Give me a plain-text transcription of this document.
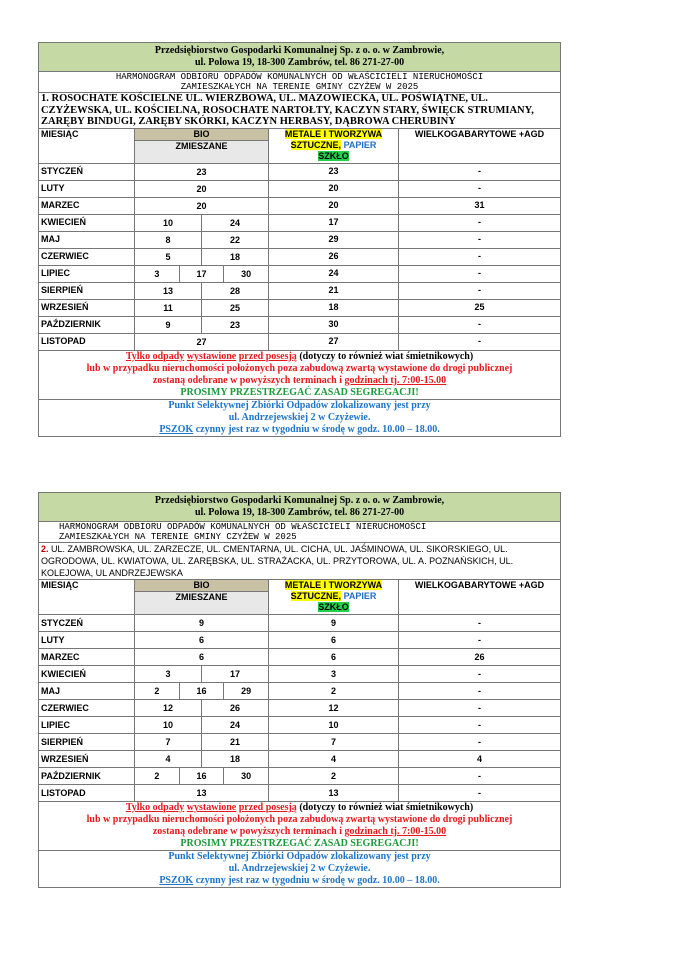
Przedsiębiorstwo Gospodarki Komunalnej Sp. z o. o. w Zambrowie,
ul. Polowa 19, 18-300 Zambrów, tel. 86 271-27-00			

HARMONOGRAM ODBIORU ODPADÓW KOMUNALNYCH OD WŁAŚCICIELI NIERUCHOMOŚCI
ZAMIESZKAŁYCH NA TERENIE GMINY CZYŻEW W 2025			

1. ROSOCHATE KOŚCIELNE UL. WIERZBOWA, UL. MAZOWIECKA, UL. POŚWIĄTNE, UL. CZYŻEWSKA, UL. KOŚCIELNA, ROSOCHATE NARTOŁTY, KACZYN STARY, ŚWIĘCK STRUMIANY, ZARĘBY BINDUGI, ZARĘBY SKÓRKI, KACZYN HERBASY, DĄBROWA CHERUBINY			
MIESIĄC	BIO	METALE I TWORZYWA
SZTUCZNE, PAPIER
SZKŁO	WIELKOGABARYTOWE +AGD
	ZMIESZANE		
STYCZEŃ	23	23	-
LUTY	20	20	-
MARZEC	20	20	31
KWIECIEŃ	10 24	17	-
MAJ	8 22	29	-
CZERWIEC	5 18	26	-
LIPIEC	3 17 30	24	-
SIERPIEŃ	13 28	21	-
WRZESIEŃ	11 25	18	25
PAŹDZIERNIK	9 23	30	-
LISTOPAD	27	27	-
Tylko odpady wystawione przed posesją (dotyczy to również wiat śmietnikowych)
lub w przypadku nieruchomości położonych poza zabudową zwartą wystawione do drogi publicznej
zostaną odebrane w powyższych terminach i godzinach tj. 7:00-15.00
PROSIMY PRZESTRZEGAĆ ZASAD SEGREGACJI!			
Punkt Selektywnej Zbiórki Odpadów zlokalizowany jest przy
ul. Andrzejewskiej 2 w Czyżewie.
PSZOK czynny jest raz w tygodniu w środę w godz. 10.00 – 18.00.			
Przedsiębiorstwo Gospodarki Komunalnej Sp. z o. o. w Zambrowie,
ul. Polowa 19, 18-300 Zambrów, tel. 86 271-27-00			

HARMONOGRAM ODBIORU ODPADÓW KOMUNALNYCH OD WŁAŚCICIELI NIERUCHOMOŚCI
ZAMIESZKAŁYCH NA TERENIE GMINY CZYŻEW W 2025			

2. UL. ZAMBROWSKA, UL. ZARZECZE, UL. CMENTARNA, UL. CICHA, UL. JAŚMINOWA, UL. SIKORSKIEGO, UL. OGRODOWA, UL. KWIATOWA, UL. ZARĘBSKA, UL. STRAŻACKA, UL. PRZYTOROWA, UL. A. POZNAŃSKICH, UL. KOLEJOWA, UL ANDRZEJEWSKA			
MIESIĄC	BIO	METALE I TWORZYWA
SZTUCZNE, PAPIER
SZKŁO	WIELKOGABARYTOWE +AGD
	ZMIESZANE		
STYCZEŃ	9	9	-
LUTY	6	6	-
MARZEC	6	6	26
KWIECIEŃ	3 17	3	-
MAJ	2 16 29	2	-
CZERWIEC	12 26	12	-
LIPIEC	10 24	10	-
SIERPIEŃ	7 21	7	-
WRZESIEŃ	4 18	4	4
PAŹDZIERNIK	2 16 30	2	-
LISTOPAD	13	13	-
Tylko odpady wystawione przed posesją (dotyczy to również wiat śmietnikowych)
lub w przypadku nieruchomości położonych poza zabudową zwartą wystawione do drogi publicznej
zostaną odebrane w powyższych terminach i godzinach tj. 7:00-15.00
PROSIMY PRZESTRZEGAĆ ZASAD SEGREGACJI!			
Punkt Selektywnej Zbiórki Odpadów zlokalizowany jest przy
ul. Andrzejewskiej 2 w Czyżewie.
PSZOK czynny jest raz w tygodniu w środę w godz. 10.00 – 18.00.			
